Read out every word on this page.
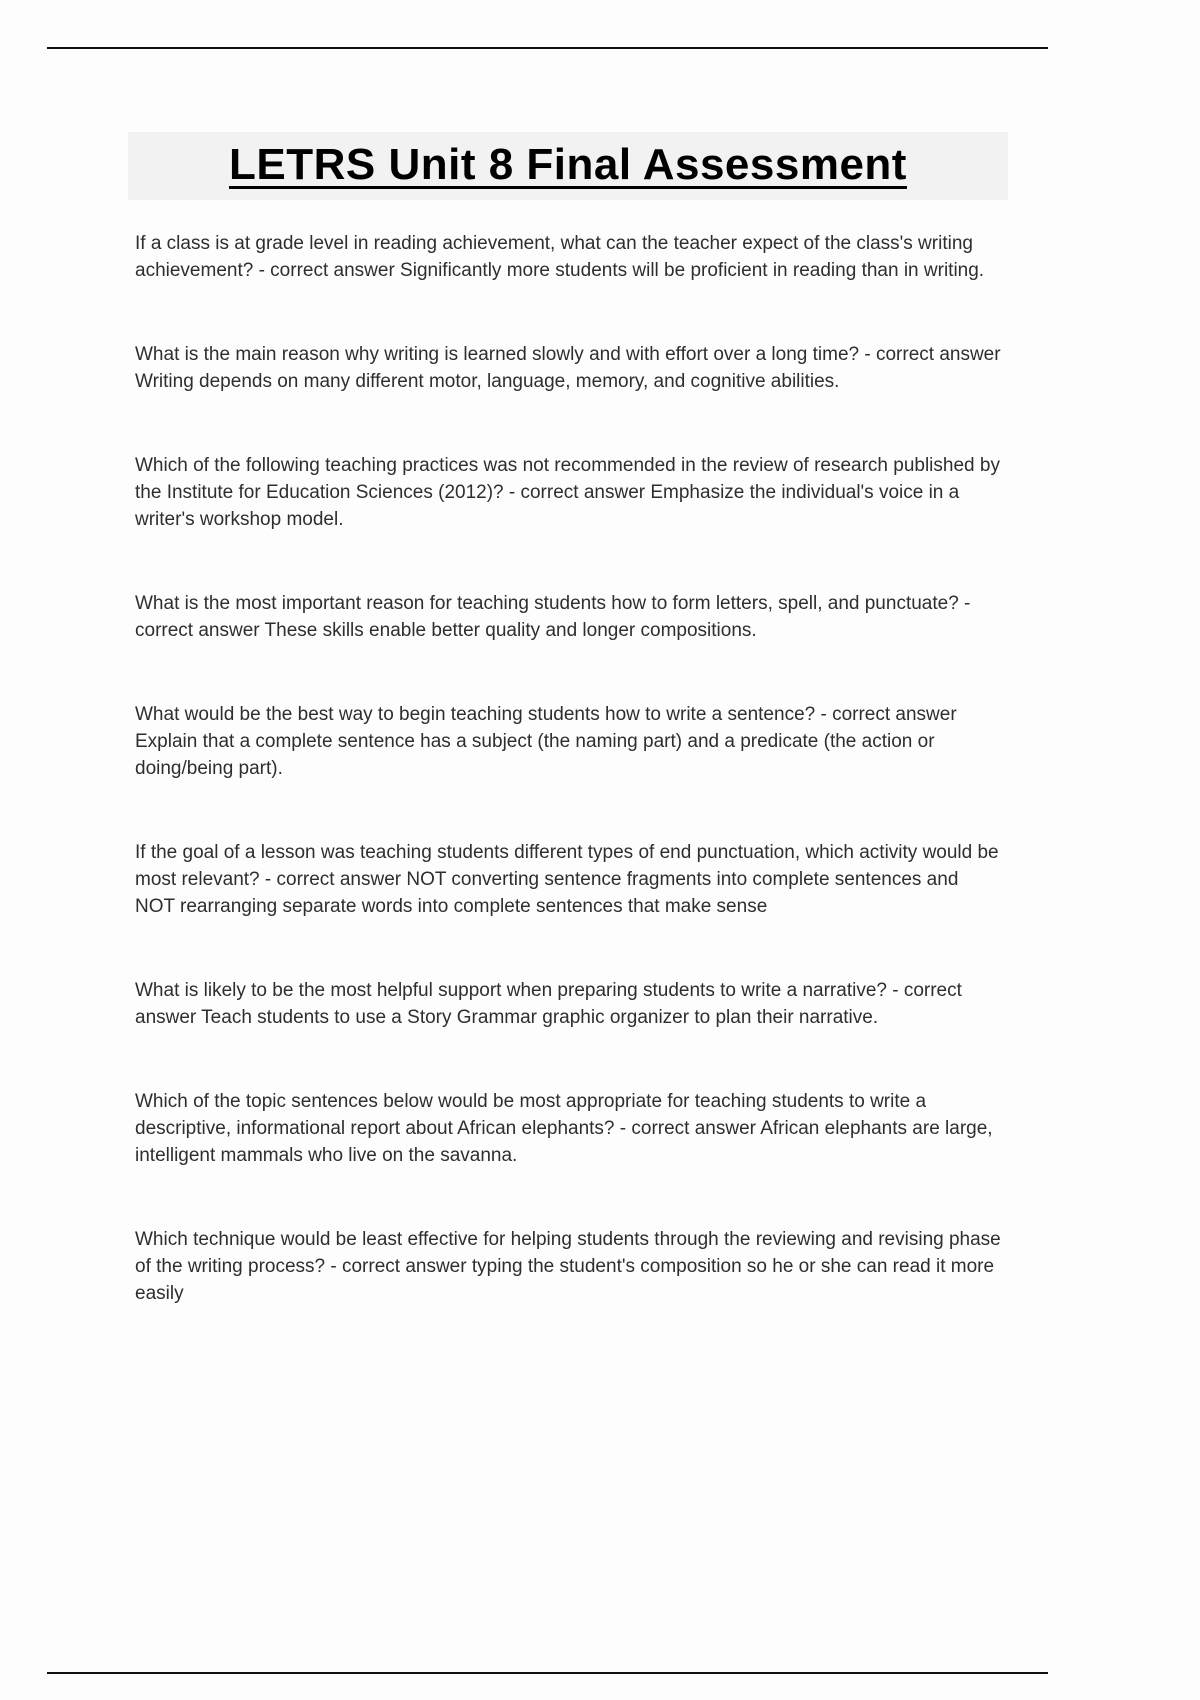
LETRS Unit 8 Final Assessment

If a class is at grade level in reading achievement, what can the teacher expect of the class's writing achievement? - correct answer Significantly more students will be proficient in reading than in writing.

What is the main reason why writing is learned slowly and with effort over a long time? - correct answer Writing depends on many different motor, language, memory, and cognitive abilities.

Which of the following teaching practices was not recommended in the review of research published by the Institute for Education Sciences (2012)? - correct answer Emphasize the individual's voice in a writer's workshop model.

What is the most important reason for teaching students how to form letters, spell, and punctuate? - correct answer These skills enable better quality and longer compositions.

What would be the best way to begin teaching students how to write a sentence? - correct answer Explain that a complete sentence has a subject (the naming part) and a predicate (the action or doing/being part).

If the goal of a lesson was teaching students different types of end punctuation, which activity would be most relevant? - correct answer NOT converting sentence fragments into complete sentences and NOT rearranging separate words into complete sentences that make sense

What is likely to be the most helpful support when preparing students to write a narrative? - correct answer Teach students to use a Story Grammar graphic organizer to plan their narrative.

Which of the topic sentences below would be most appropriate for teaching students to write a descriptive, informational report about African elephants? - correct answer African elephants are large, intelligent mammals who live on the savanna.

Which technique would be least effective for helping students through the reviewing and revising phase of the writing process? - correct answer typing the student's composition so he or she can read it more easily
